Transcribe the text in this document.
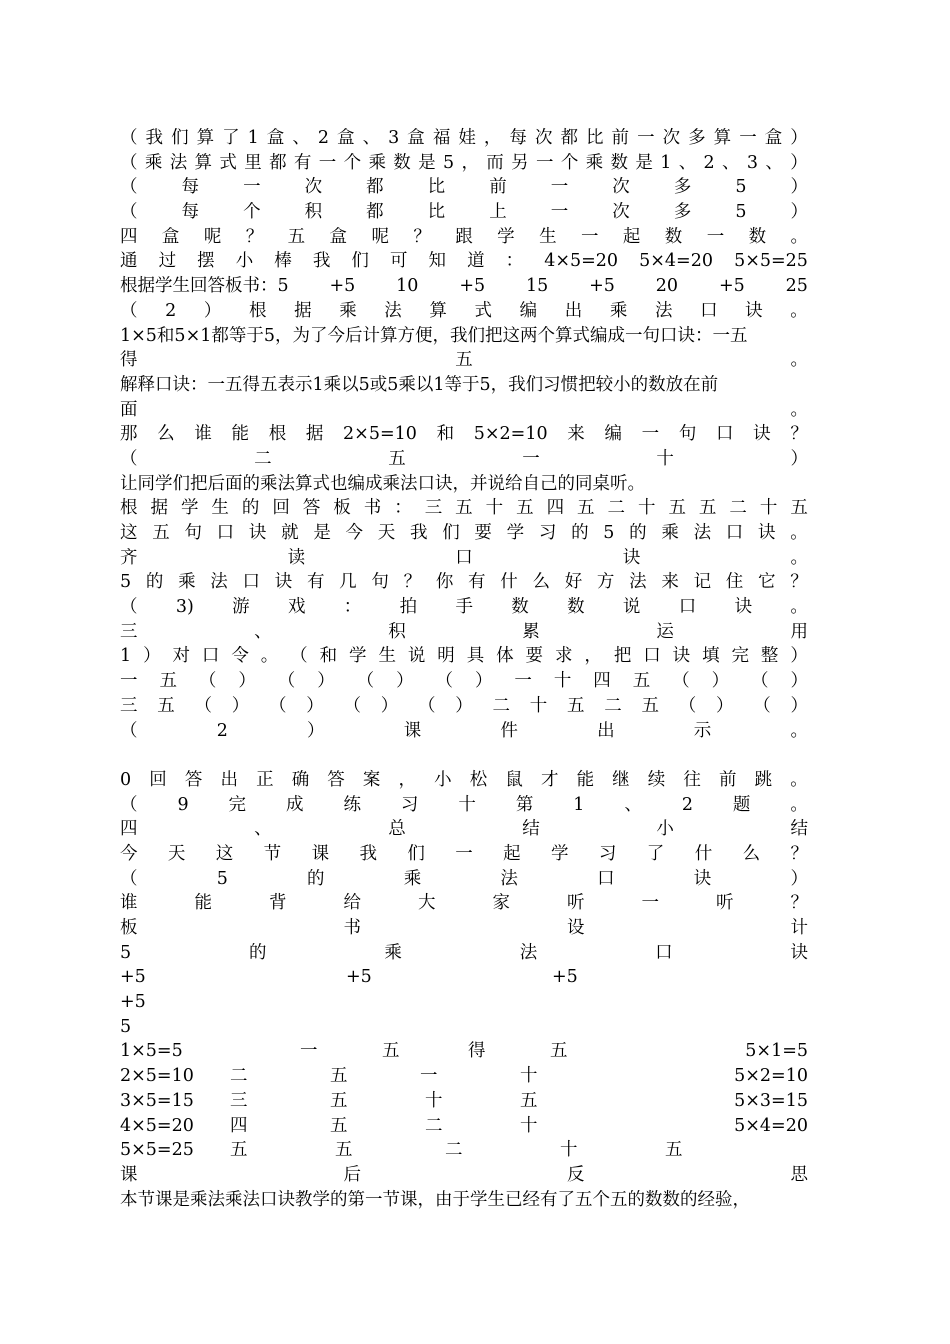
（ 我 们 算 了 1 盒 、 2 盒 、 3 盒 福 娃 ， 每 次 都 比 前 一 次 多 算 一 盒 ）
（ 乘 法 算 式 里 都 有 一 个 乘 数 是 5 ， 而 另 一 个 乘 数 是 1 、 2 、 3 、 ）
（	每	一	次	都	比	前	一	次	多	5	）
（	每	个	积	都	比	上	一	次	多	5	）
四 盒 呢 ？ 五 盒 呢 ？ 跟 学 生 一 起 数 一 数 。
通 过 摆 小 棒 我 们 可 知 道 ： 4×5=20 5×4=20 5×5=25
根据学生回答板书：5 +5 10 +5 15 +5 20 +5 25
（ 2 ） 根 据 乘 法 算 式 编 出 乘 法 口 诀 。
1×5和5×1都等于5，为了今后计算方便，我们把这两个算式编成一句口诀：一五
得	五	。
解释口诀：一五得五表示1乘以5或5乘以1等于5，我们习惯把较小的数放在前
面	。
那 么 谁 能 根 据 2×5=10 和 5×2=10 来 编 一 句 口 诀 ？
（	二	五	一	十	）
让同学们把后面的乘法算式也编成乘法口诀，并说给自己的同桌听。
根 据 学 生 的 回 答 板 书 ： 三 五 十 五 四 五 二 十 五 五 二 十 五
这 五 句 口 诀 就 是 今 天 我 们 要 学 习 的 5 的 乘 法 口 诀 。
齐	读	口	诀	。
5 的 乘 法 口 诀 有 几 句 ？ 你 有 什 么 好 方 法 来 记 住 它 ？
（ 3) 游 戏 ： 拍 手 数 数 说 口 诀 。
三	、	积	累	运	用
1 ） 对 口 令 。 （ 和 学 生 说 明 具 体 要 求 ， 把 口 诀 填 完 整 ）
一 五 （ ） （ ） （ ） （ ） 一 十 四 五 （ ） （ ）
三 五 （ ） （ ） （ ） （ ） 二 十 五 二 五 （ ） （ ）
（	2	）	课	件	出	示	。
0 回 答 出 正 确 答 案 ， 小 松 鼠 才 能 继 续 往 前 跳 。
（ 9 完 成 练 习 十 第 1 、 2 题 。
四	、	总	结	小	结
今 天 这 节 课 我 们 一 起 学 习 了 什 么 ？
（	5	的	乘	法	口	诀	）
谁	能	背	给	大	家	听	一	听	？
板	书	设	计
5	的	乘	法	口	诀
+5	+5	+5
+5
5
1×5=5	一	五	得	五	5×1=5
2×5=10 二	五	一	十	5×2=10
3×5=15 三	五	十	五	5×3=15
4×5=20 四	五	二	十	5×4=20
5×5=25 五	五	二	十	五
课	后	反	思
本节课是乘法乘法口诀教学的第一节课，由于学生已经有了五个五的数数的经验，
